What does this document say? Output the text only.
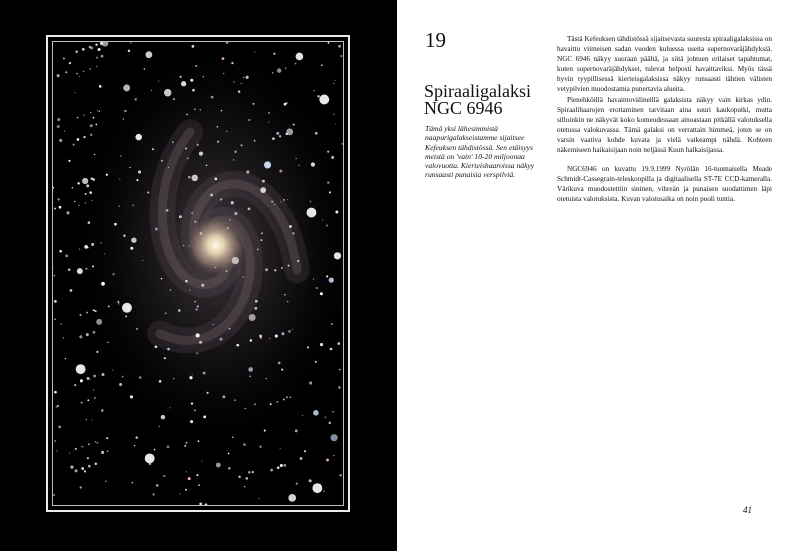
19
Spiraaligalaksi
NGC 6946
Tämä yksi lähesimmistä naapurigalakseistamme sijaitsee Kefeuksen tähdistössä. Sen etäisyys meistä on 'vain' 10-20 miljoonaa valovuotta. Kierteishaaroissa näkyy runsaasti punaisia verspilviä.

Tästä Kefeuksen tähdistössä sijaitsevasta suuresta spiraaligalaksissa on havaittu viimeisen sadan vuoden kuluessa useita supernovaräjähdyksiä. NGC 6946 näkyy suoraan päältä, ja siitä johtuen erilaiset tapahtumat, kuten supernovaräjähdykset, tulevat helposti havaittaviksi. Myös tässä hyvin tyypillisessä kierteisgalaksissa näkyy runsaasti tähtien välisten vetypilvien muodostamia punertavia alueita.

Pienehköillä havaintovälineillä galaksista näkyy vain kirkas ydin. Spiraalihaarojen erottaminen tarvitaan aina suuri kaukoputki, mutta silloinkin ne näkyvät koko komeudessaan ainoastaan pitkällä valotuksella otetussa valokuvassa. Tämä galaksi on verrattain himmeä, joten se on varsin vaativa kohde kuvata ja vielä vaikeampi nähdä. Kohteen näkemiseen haikaisijaan noin neljässä Kuun halkaisijassa.

NGC6946 on kuvattu 19.9.1999 Nyrölän 16-tuumaisella Meade Schmidt-Cassegrain-teleskoopilla ja digitaalisella ST-7E CCD-kameralla. Värikuva muodostettiin sininen, vihreän ja punaisen suodattimen läpi otetuista valotuksista. Kuvan valotusaika on noin puoli tuntia.

41
